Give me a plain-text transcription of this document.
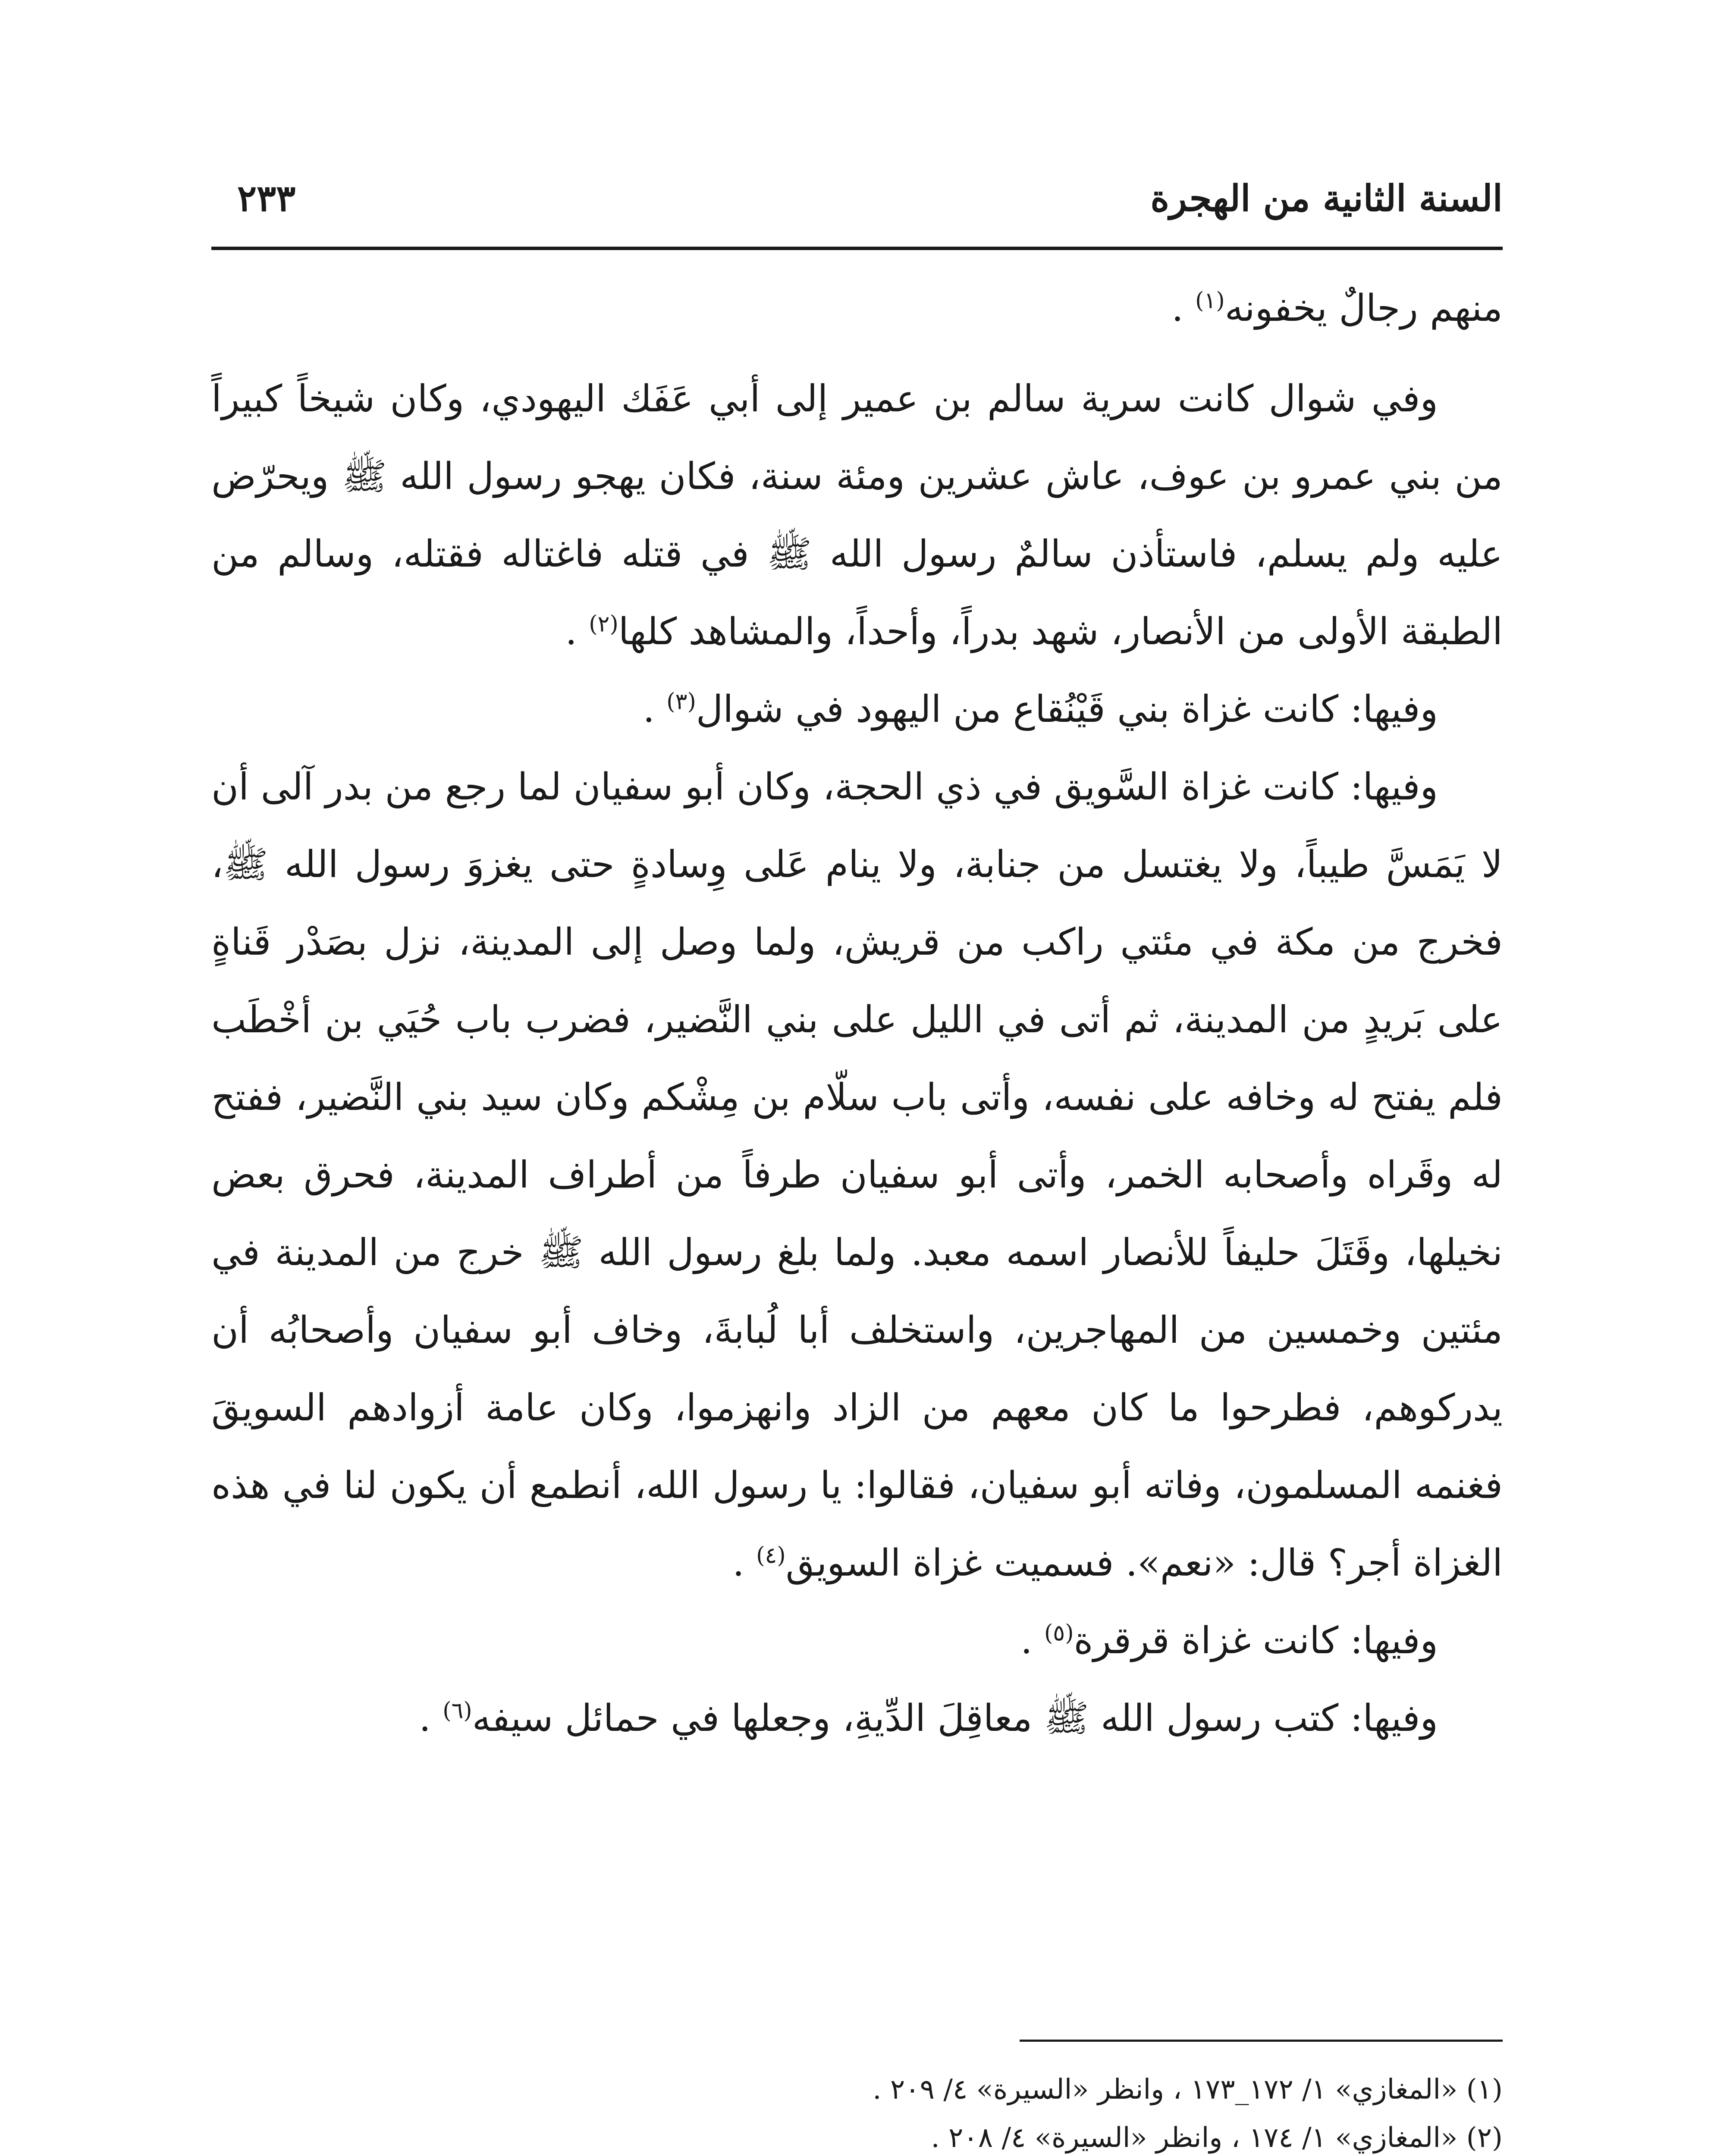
السنة الثانية من الهجرة
٢٣٣

منهم رجالٌ يخفونه$^{(١)}$ .

وفي شوال كانت سرية سالم بن عمير إلى أبي عَفَك اليهودي، وكان شيخاً كبيراً من بني عمرو بن عوف، عاش عشرين ومئة سنة، فكان يهجو رسول الله ﷺ ويحرّض عليه ولم يسلم، فاستأذن سالمٌ رسول الله ﷺ في قتله فاغتاله فقتله، وسالم من الطبقة الأولى من الأنصار، شهد بدراً، وأحداً، والمشاهد كلها$^{(٢)}$ .

وفيها: كانت غزاة بني قَيْنُقاع من اليهود في شوال$^{(٣)}$ .

وفيها: كانت غزاة السَّويق في ذي الحجة، وكان أبو سفيان لما رجع من بدر آلى أن لا يَمَسَّ طيباً، ولا يغتسل من جنابة، ولا ينام عَلى وِسادةٍ حتى يغزوَ رسول الله ﷺ، فخرج من مكة في مئتي راكب من قريش، ولما وصل إلى المدينة، نزل بصَدْر قَناةٍ على بَريدٍ من المدينة، ثم أتى في الليل على بني النَّضير، فضرب باب حُيَي بن أخْطَب فلم يفتح له وخافه على نفسه، وأتى باب سلّام بن مِشْكم وكان سيد بني النَّضير، ففتح له وقَراه وأصحابه الخمر، وأتى أبو سفيان طرفاً من أطراف المدينة، فحرق بعض نخيلها، وقَتَلَ حليفاً للأنصار اسمه معبد. ولما بلغ رسول الله ﷺ خرج من المدينة في مئتين وخمسين من المهاجرين، واستخلف أبا لُبابةَ، وخاف أبو سفيان وأصحابُه أن يدركوهم، فطرحوا ما كان معهم من الزاد وانهزموا، وكان عامة أزوادهم السويقَ فغنمه المسلمون، وفاته أبو سفيان، فقالوا: يا رسول الله، أنطمع أن يكون لنا في هذه الغزاة أجر؟ قال: «نعم». فسميت غزاة السويق$^{(٤)}$ .

وفيها: كانت غزاة قرقرة$^{(٥)}$ .

وفيها: كتب رسول الله ﷺ معاقِلَ الدِّيةِ، وجعلها في حمائل سيفه$^{(٦)}$ .

(١) «المغازي» ١/ ١٧٢_١٧٣ ، وانظر «السيرة» ٤/ ٢٠٩ .

(٢) «المغازي» ١/ ١٧٤ ، وانظر «السيرة» ٤/ ٢٠٨ .
